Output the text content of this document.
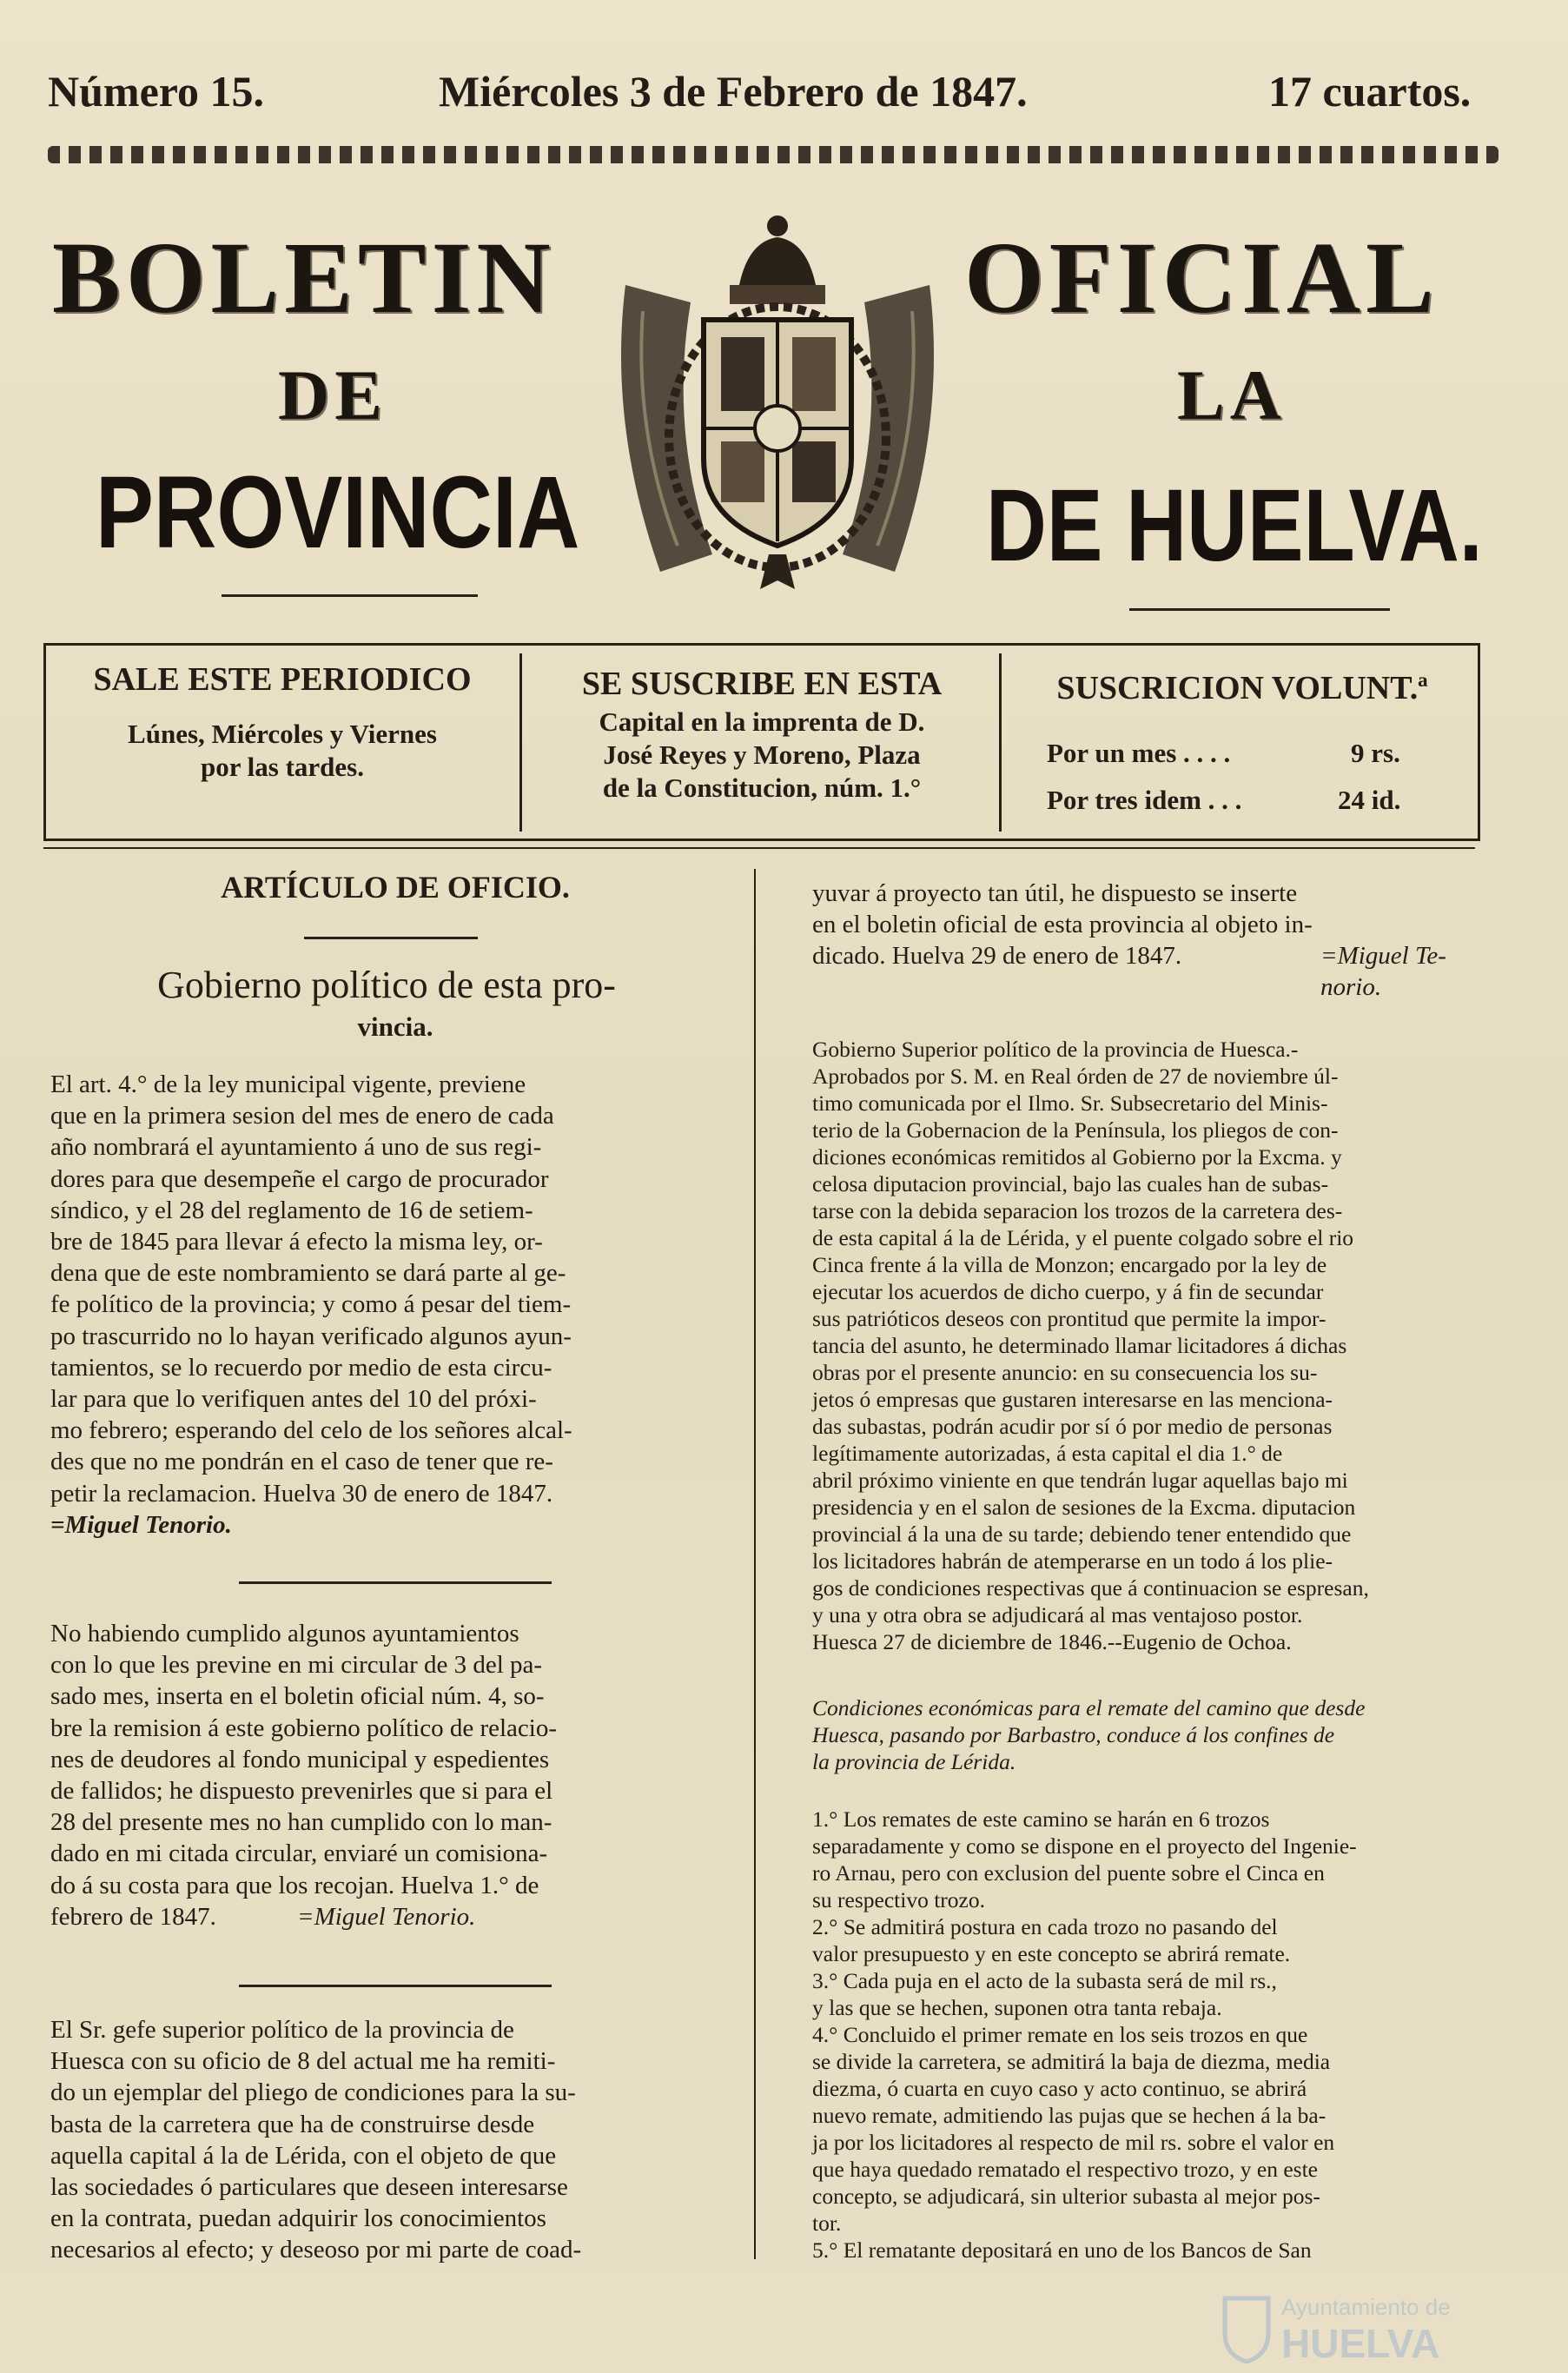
Número 15.	Miércoles 3 de Febrero de 1847.	17 cuartos.
BOLETIN	OFICIAL
DE	LA
PROVINCIA	DE HUELVA.
SALE ESTE PERIODICO
Lúnes, Miércoles y Viernes
por las tardes.
SE SUSCRIBE EN ESTA
Capital en la imprenta de D.
José Reyes y Moreno, Plaza
de la Constitucion, núm. 1.°
SUSCRICION VOLUNT.ª
Por un mes . . . .	9 rs.
Por tres idem . . .	24 id.
ARTÍCULO DE OFICIO.
Gobierno político de esta pro-
vincia.
El art. 4.° de la ley municipal vigente, previene
que en la primera sesion del mes de enero de cada
año nombrará el ayuntamiento á uno de sus regi-
dores para que desempeñe el cargo de procurador
síndico, y el 28 del reglamento de 16 de setiem-
bre de 1845 para llevar á efecto la misma ley, or-
dena que de este nombramiento se dará parte al ge-
fe político de la provincia; y como á pesar del tiem-
po trascurrido no lo hayan verificado algunos ayun-
tamientos, se lo recuerdo por medio de esta circu-
lar para que lo verifiquen antes del 10 del próxi-
mo febrero; esperando del celo de los señores alcal-
des que no me pondrán en el caso de tener que re-
petir la reclamacion. Huelva 30 de enero de 1847.
=Miguel Tenorio.
No habiendo cumplido algunos ayuntamientos
con lo que les previne en mi circular de 3 del pa-
sado mes, inserta en el boletin oficial núm. 4, so-
bre la remision á este gobierno político de relacio-
nes de deudores al fondo municipal y espedientes
de fallidos; he dispuesto prevenirles que si para el
28 del presente mes no han cumplido con lo man-
dado en mi citada circular, enviaré un comisiona-
do á su costa para que los recojan. Huelva 1.° de
febrero de 1847.	=Miguel Tenorio.
El Sr. gefe superior político de la provincia de
Huesca con su oficio de 8 del actual me ha remiti-
do un ejemplar del pliego de condiciones para la su-
basta de la carretera que ha de construirse desde
aquella capital á la de Lérida, con el objeto de que
las sociedades ó particulares que deseen interesarse
en la contrata, puedan adquirir los conocimientos
necesarios al efecto; y deseoso por mi parte de coad-
yuvar á proyecto tan útil, he dispuesto se inserte
en el boletin oficial de esta provincia al objeto in-
dicado. Huelva 29 de enero de 1847.	=Miguel Te-
norio.
Gobierno Superior político de la provincia de Huesca.-
Aprobados por S. M. en Real órden de 27 de noviembre úl-
timo comunicada por el Ilmo. Sr. Subsecretario del Minis-
terio de la Gobernacion de la Península, los pliegos de con-
diciones económicas remitidos al Gobierno por la Excma. y
celosa diputacion provincial, bajo las cuales han de subas-
tarse con la debida separacion los trozos de la carretera des-
de esta capital á la de Lérida, y el puente colgado sobre el rio
Cinca frente á la villa de Monzon; encargado por la ley de
ejecutar los acuerdos de dicho cuerpo, y á fin de secundar
sus patrióticos deseos con prontitud que permite la impor-
tancia del asunto, he determinado llamar licitadores á dichas
obras por el presente anuncio: en su consecuencia los su-
jetos ó empresas que gustaren interesarse en las menciona-
das subastas, podrán acudir por sí ó por medio de personas
legítimamente autorizadas, á esta capital el dia 1.° de
abril próximo viniente en que tendrán lugar aquellas bajo mi
presidencia y en el salon de sesiones de la Excma. diputacion
provincial á la una de su tarde; debiendo tener entendido que
los licitadores habrán de atemperarse en un todo á los plie-
gos de condiciones respectivas que á continuacion se espresan,
y una y otra obra se adjudicará al mas ventajoso postor.
Huesca 27 de diciembre de 1846.--Eugenio de Ochoa.
Condiciones económicas para el remate del camino que desde
Huesca, pasando por Barbastro, conduce á los confines de
la provincia de Lérida.
1.° Los remates de este camino se harán en 6 trozos
separadamente y como se dispone en el proyecto del Ingenie-
ro Arnau, pero con exclusion del puente sobre el Cinca en
su respectivo trozo.
2.° Se admitirá postura en cada trozo no pasando del
valor presupuesto y en este concepto se abrirá remate.
3.° Cada puja en el acto de la subasta será de mil rs.,
y las que se hechen, suponen otra tanta rebaja.
4.° Concluido el primer remate en los seis trozos en que
se divide la carretera, se admitirá la baja de diezma, media
diezma, ó cuarta en cuyo caso y acto continuo, se abrirá
nuevo remate, admitiendo las pujas que se hechen á la ba-
ja por los licitadores al respecto de mil rs. sobre el valor en
que haya quedado rematado el respectivo trozo, y en este
concepto, se adjudicará, sin ulterior subasta al mejor pos-
tor.
5.° El rematante depositará en uno de los Bancos de San
Ayuntamiento de
HUELVA
